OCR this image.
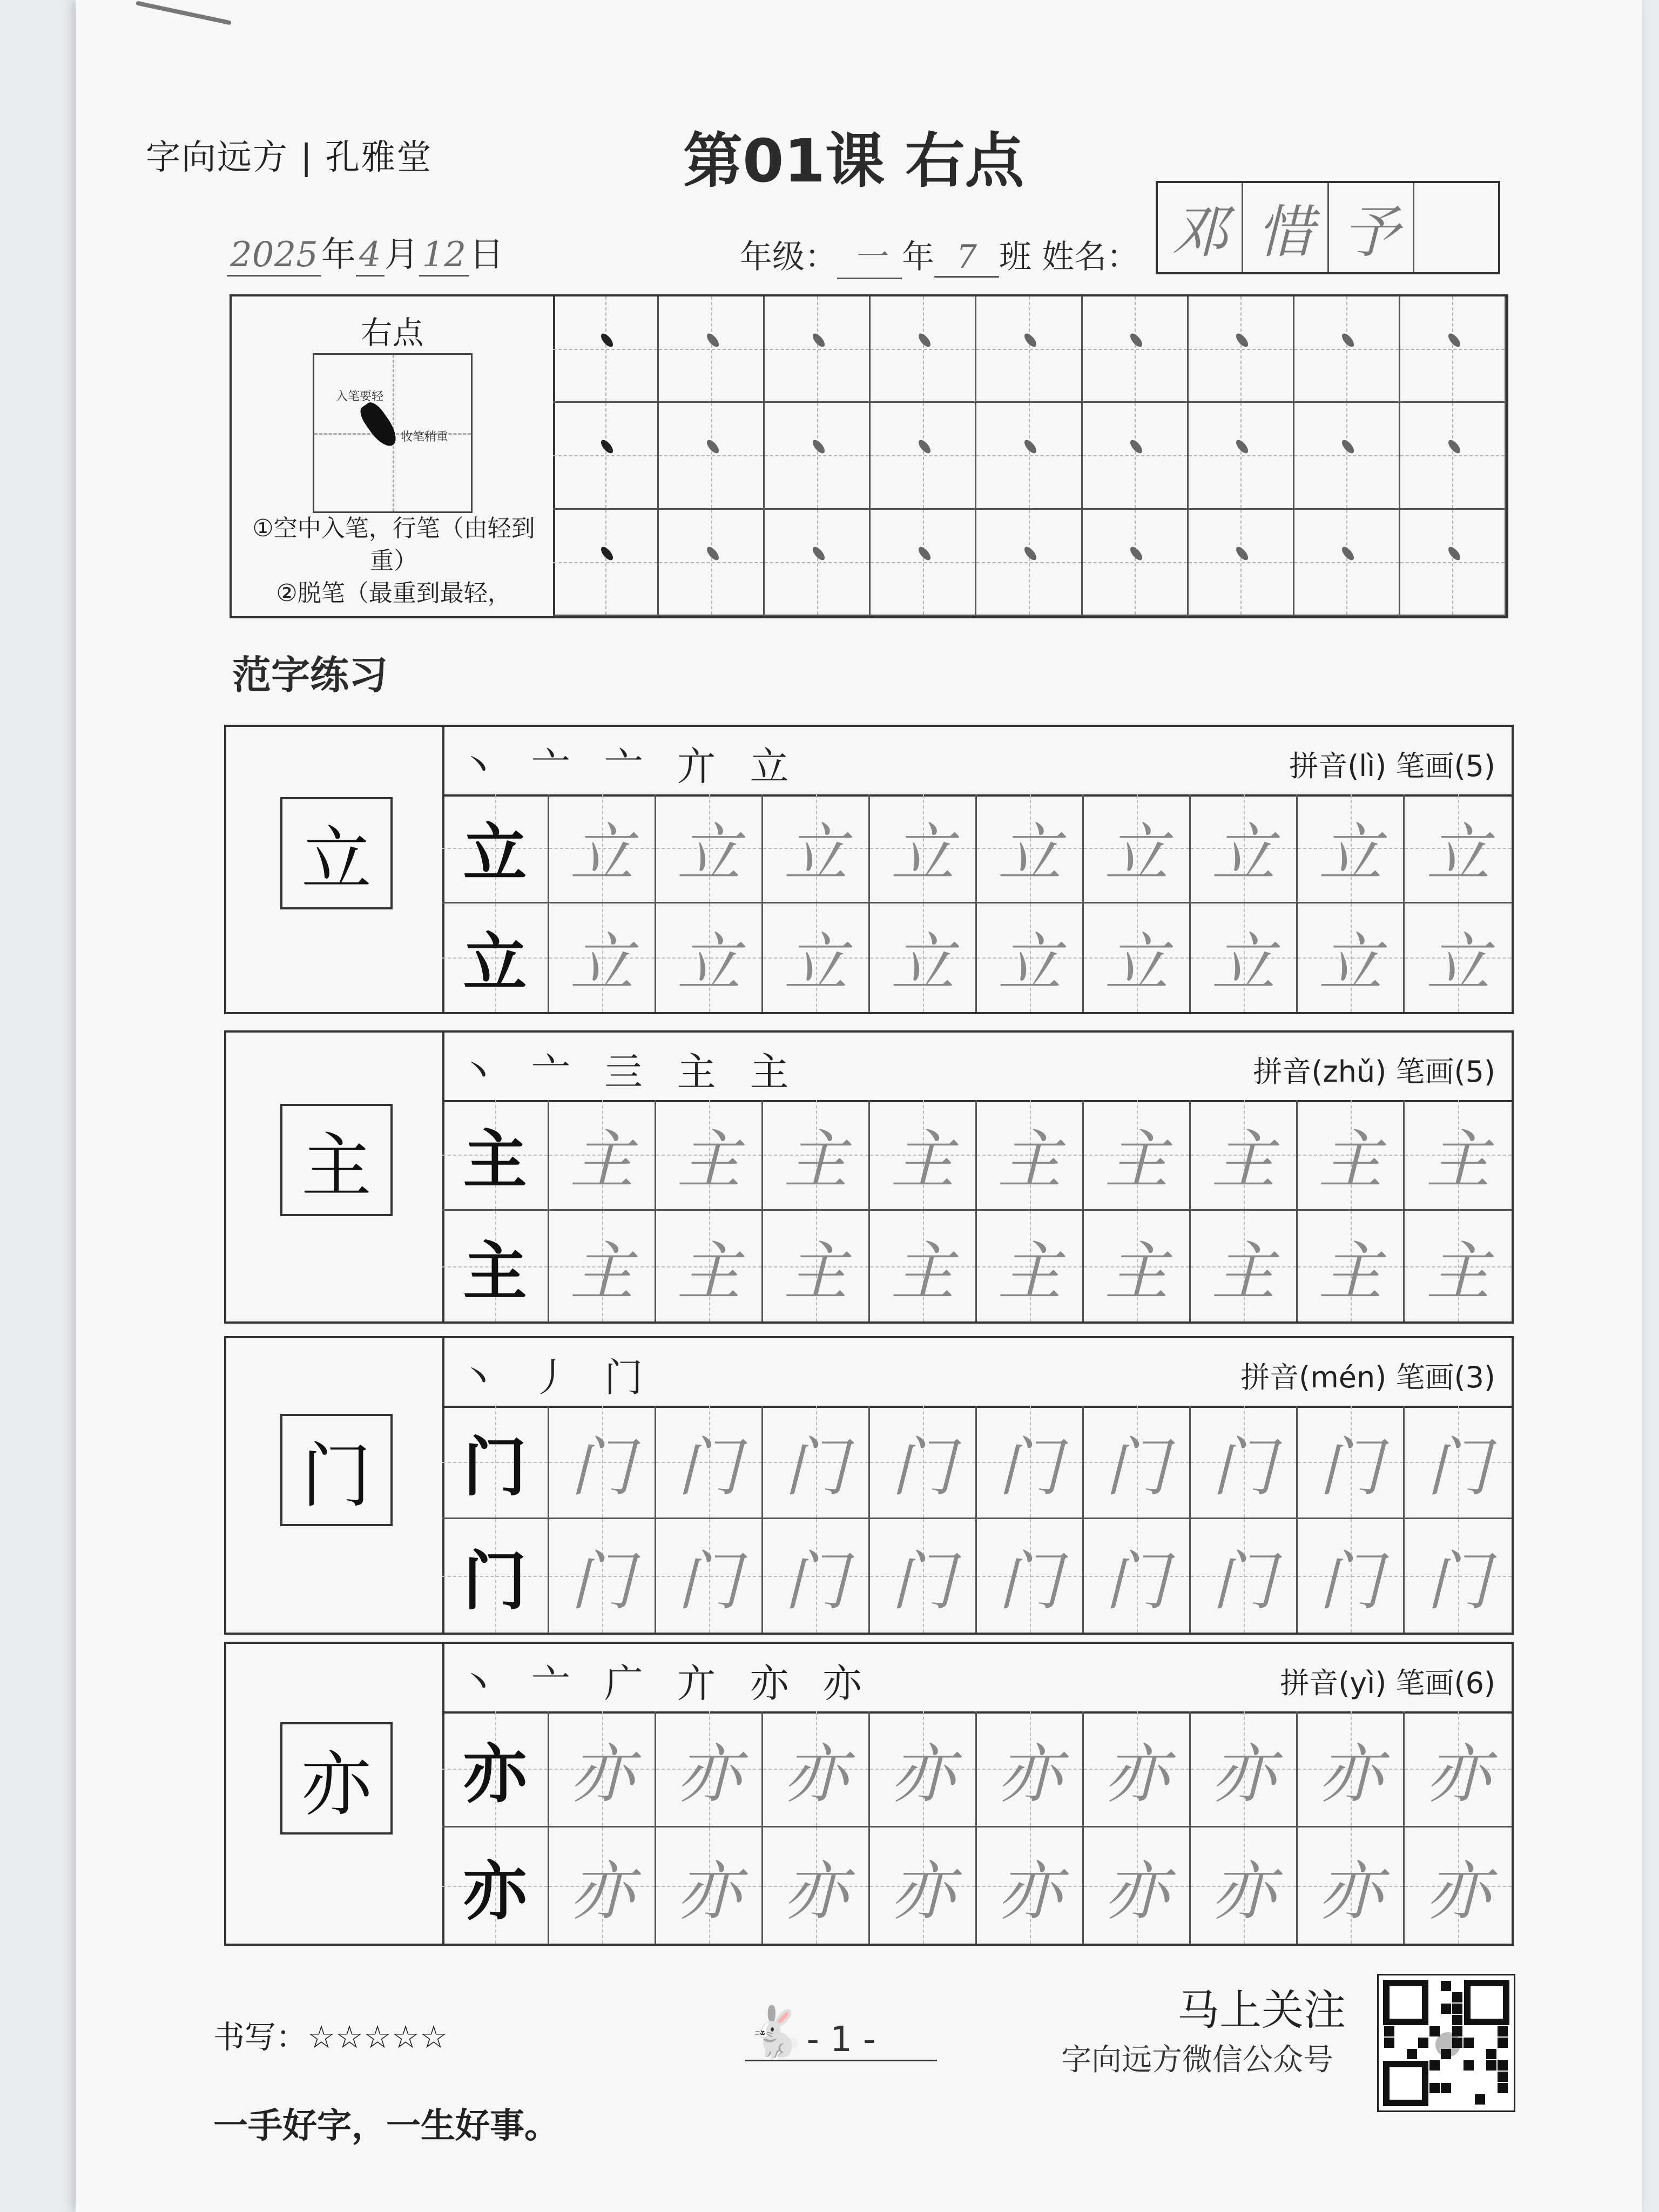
字向远方 | 孔雅堂	第01课 右点
2025年4月12日	年级： 一 年 7 班 姓名： 邓 惜 予
右点
入笔要轻
收笔稍重
①空中入笔，行笔（由轻到重）
②脱笔（最重到最轻，
范字练习
立
丶 亠 亠 亣 立	拼音(lì) 笔画(5)
立 立 立 立 立 立 立 立 立 立
立 立 立 立 立 立 立 立 立 立
主
丶 亠 亖 主 主	拼音(zhǔ) 笔画(5)
主 主 主 主 主 主 主 主 主 主
主 主 主 主 主 主 主 主 主 主
门
丶 丿 门	拼音(mén) 笔画(3)
门 门 门 门 门 门 门 门 门 门
门 门 门 门 门 门 门 门 门 门
亦
丶 亠 广 亣 亦 亦	拼音(yì) 笔画(6)
亦 亦 亦 亦 亦 亦 亦 亦 亦 亦
亦 亦 亦 亦 亦 亦 亦 亦 亦 亦
马上关注
字向远方微信公众号
书写：☆☆☆☆☆	🐇 - 1 -
一手好字，一生好事。
